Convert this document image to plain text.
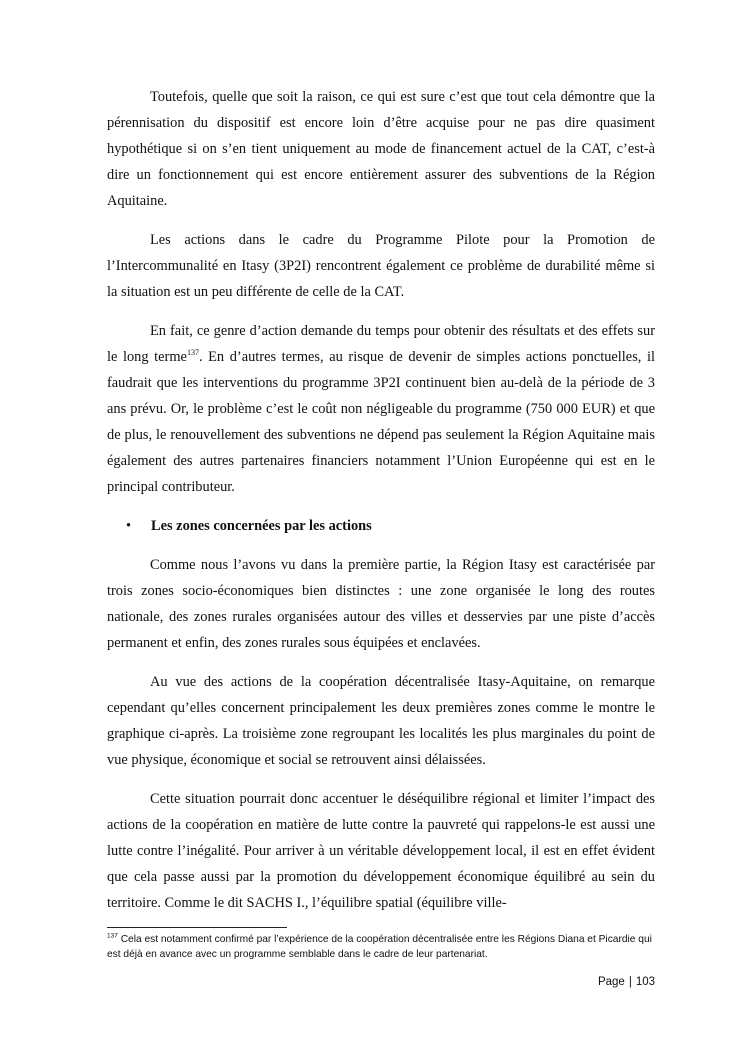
Toutefois, quelle que soit la raison, ce qui est sure c’est que tout cela démontre que la pérennisation du dispositif est encore loin d’être acquise pour ne pas dire quasiment hypothétique si on s’en tient uniquement au mode de financement actuel de la CAT, c’est-à dire un fonctionnement qui est encore entièrement assurer des subventions de la Région Aquitaine.

Les actions dans le cadre du Programme Pilote pour la Promotion de l’Intercommunalité en Itasy (3P2I) rencontrent également ce problème de durabilité même si la situation est un peu différente de celle de la CAT.

En fait, ce genre d’action demande du temps pour obtenir des résultats et des effets sur le long terme$^{137}$. En d’autres termes, au risque de devenir de simples actions ponctuelles, il faudrait que les interventions du programme 3P2I continuent bien au-delà de la période de 3 ans prévu. Or, le problème c’est le coût non négligeable du programme (750 000 EUR) et que de plus, le renouvellement des subventions ne dépend pas seulement la Région Aquitaine mais également des autres partenaires financiers notamment l’Union Européenne qui est en le principal contributeur.

• Les zones concernées par les actions

Comme nous l’avons vu dans la première partie, la Région Itasy est caractérisée par trois zones socio-économiques bien distinctes : une zone organisée le long des routes nationale, des zones rurales organisées autour des villes et desservies par une piste d’accès permanent et enfin, des zones rurales sous équipées et enclavées.

Au vue des actions de la coopération décentralisée Itasy-Aquitaine, on remarque cependant qu’elles concernent principalement les deux premières zones comme le montre le graphique ci-après. La troisième zone regroupant les localités les plus marginales du point de vue physique, économique et social se retrouvent ainsi délaissées.

Cette situation pourrait donc accentuer le déséquilibre régional et limiter l’impact des actions de la coopération en matière de lutte contre la pauvreté qui rappelons-le est aussi une lutte contre l’inégalité. Pour arriver à un véritable développement local, il est en effet évident que cela passe aussi par la promotion du développement économique équilibré au sein du territoire. Comme le dit SACHS I., l’équilibre spatial (équilibre ville-

$^{137}$ Cela est notamment confirmé par l’expérience de la coopération décentralisée entre les Régions Diana et Picardie qui est déjà en avance avec un programme semblable dans le cadre de leur partenariat.
Page | 103
